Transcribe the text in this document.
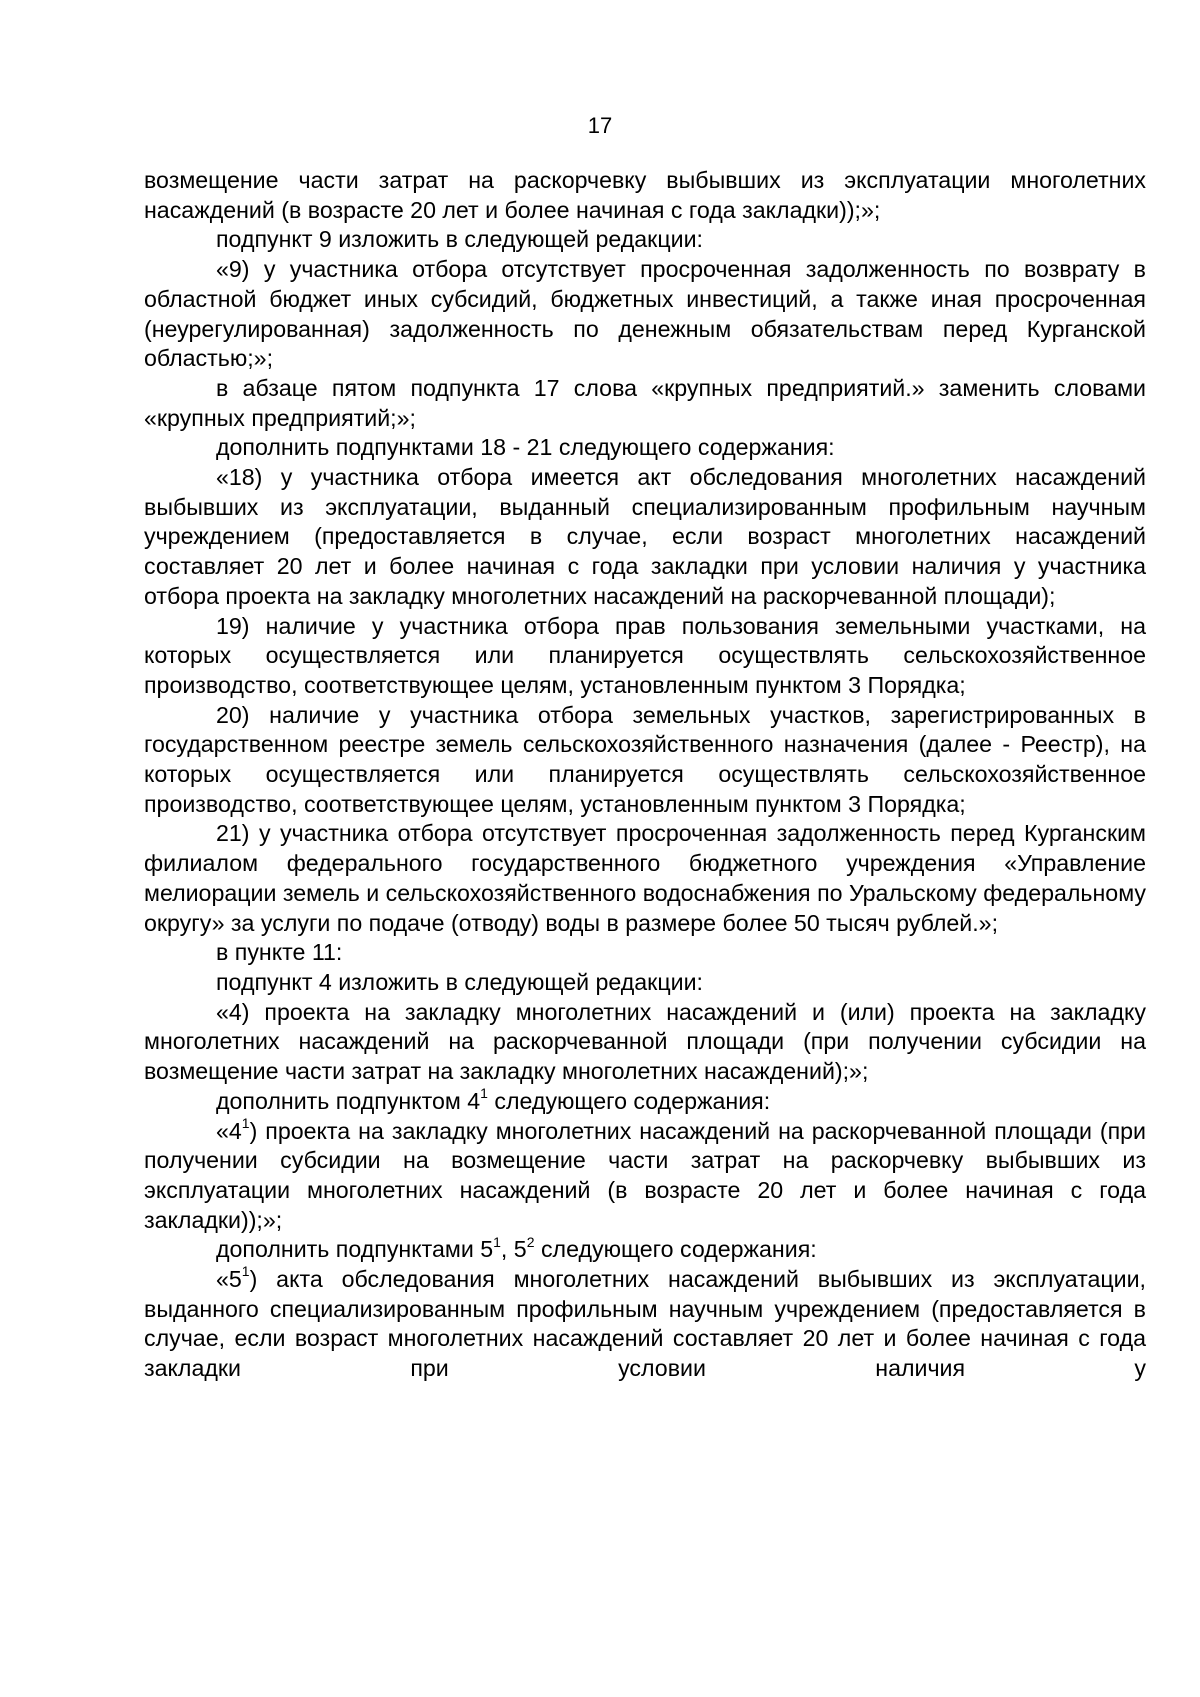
17

возмещение части затрат на раскорчевку выбывших из эксплуатации многолетних насаждений (в возрасте 20 лет и более начиная с года закладки));»;

подпункт 9 изложить в следующей редакции:

«9) у участника отбора отсутствует просроченная задолженность по возврату в областной бюджет иных субсидий, бюджетных инвестиций, а также иная просроченная (неурегулированная) задолженность по денежным обязательствам перед Курганской областью;»;

в абзаце пятом подпункта 17 слова «крупных предприятий.» заменить словами «крупных предприятий;»;

дополнить подпунктами 18 - 21 следующего содержания:

«18) у участника отбора имеется акт обследования многолетних насаждений выбывших из эксплуатации, выданный специализированным профильным научным учреждением (предоставляется в случае, если возраст многолетних насаждений составляет 20 лет и более начиная с года закладки при условии наличия у участника отбора проекта на закладку многолетних насаждений на раскорчеванной площади);

19) наличие у участника отбора прав пользования земельными участками, на которых осуществляется или планируется осуществлять сельскохозяйственное производство, соответствующее целям, установленным пунктом 3 Порядка;

20) наличие у участника отбора земельных участков, зарегистрированных в государственном реестре земель сельскохозяйственного назначения (далее - Реестр), на которых осуществляется или планируется осуществлять сельскохозяйственное производство, соответствующее целям, установленным пунктом 3 Порядка;

21) у участника отбора отсутствует просроченная задолженность перед Курганским филиалом федерального государственного бюджетного учреждения «Управление мелиорации земель и сельскохозяйственного водоснабжения по Уральскому федеральному округу» за услуги по подаче (отводу) воды в размере более 50 тысяч рублей.»;

в пункте 11:

подпункт 4 изложить в следующей редакции:

«4) проекта на закладку многолетних насаждений и (или) проекта на закладку многолетних насаждений на раскорчеванной площади (при получении субсидии на возмещение части затрат на закладку многолетних насаждений);»;

дополнить подпунктом $4^1$ следующего содержания:

«$4^1$) проекта на закладку многолетних насаждений на раскорчеванной площади (при получении субсидии на возмещение части затрат на раскорчевку выбывших из эксплуатации многолетних насаждений (в возрасте 20 лет и более начиная с года закладки));»;

дополнить подпунктами $5^1$, $5^2$ следующего содержания:

«$5^1$) акта обследования многолетних насаждений выбывших из эксплуатации, выданного специализированным профильным научным учреждением (предоставляется в случае, если возраст многолетних насаждений составляет 20 лет и более начиная с года закладки при условии наличия у
